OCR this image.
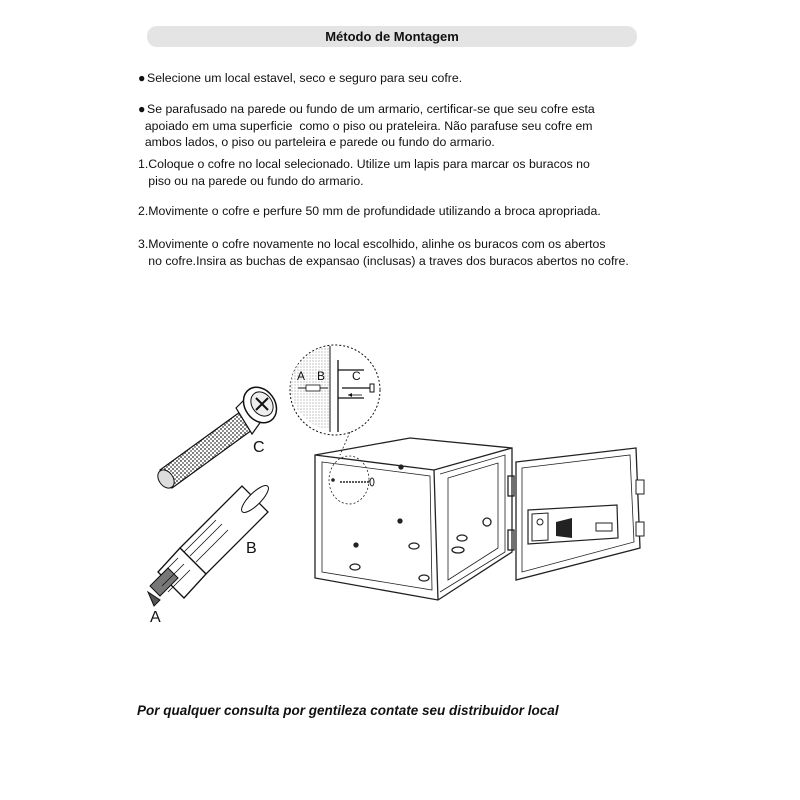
Método de Montagem
● Selecione um local estavel, seco e seguro para seu cofre.
● Se parafusado na parede ou fundo de um armario, certificar-se que seu cofre esta
apoiado em uma superficie  como o piso ou prateleira. Não parafuse seu cofre em
ambos lados, o piso ou parteleira e parede ou fundo do armario.
1.Coloque o cofre no local selecionado. Utilize um lapis para marcar os buracos no
piso ou na parede ou fundo do armario.
2.Movimente o cofre e perfure 50 mm de profundidade utilizando a broca apropriada.
3.Movimente o cofre novamente no local escolhido, alinhe os buracos com os abertos
no cofre.Insira as buchas de expansao (inclusas) a traves dos buracos abertos no cofre.
C
B
A
A B C
Por qualquer consulta por gentileza contate seu distribuidor local
